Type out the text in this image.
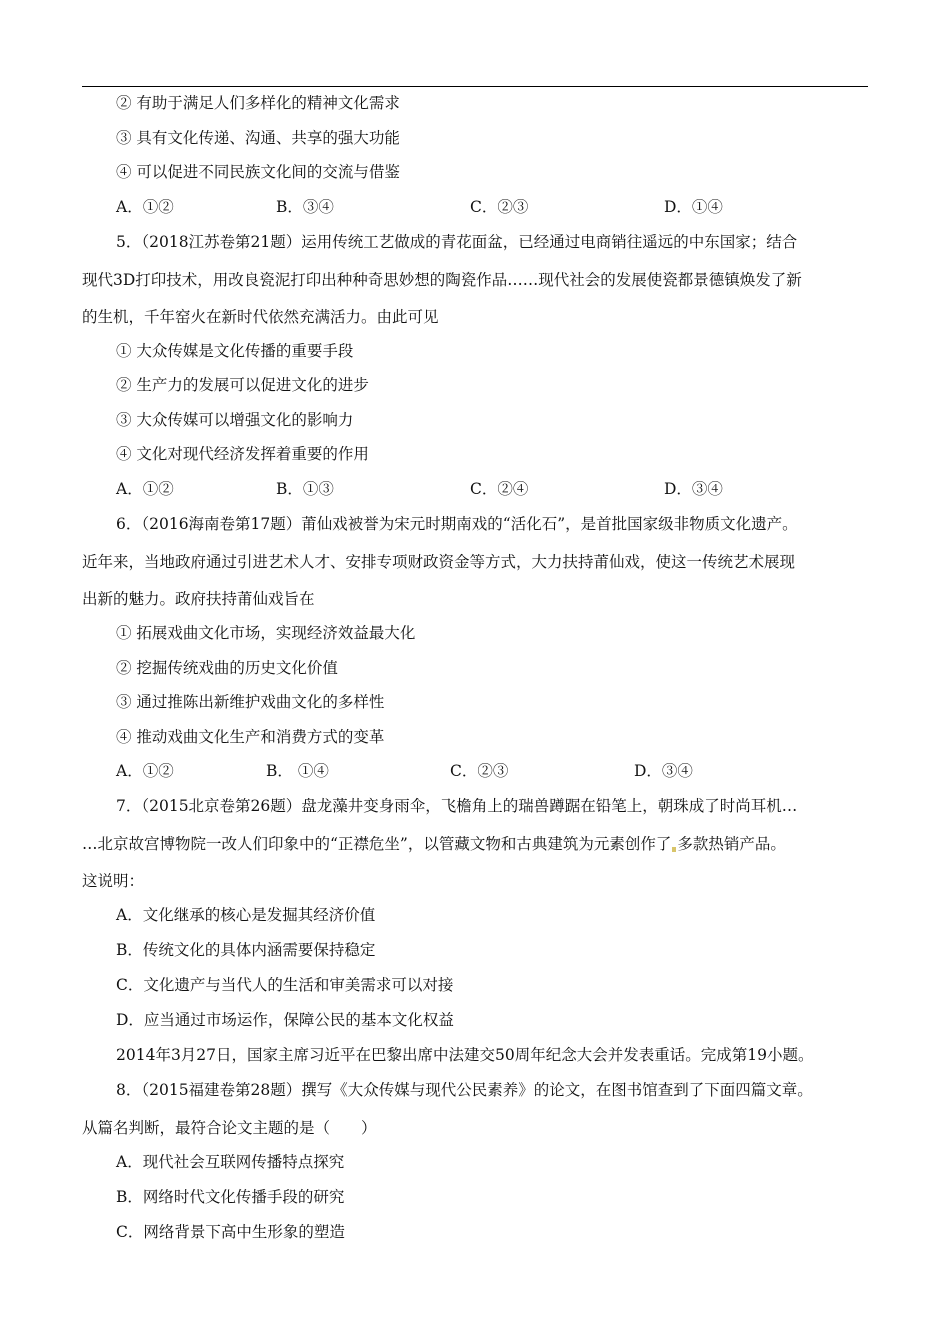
② 有助于满足人们多样化的精神文化需求
③ 具有文化传递、沟通、共享的强大功能
④ 可以促进不同民族文化间的交流与借鉴
A．①②	B．③④	C．②③	D．①④
5．（2018江苏卷第21题）运用传统工艺做成的青花面盆，已经通过电商销往遥远的中东国家；结合
现代3D打印技术，用改良瓷泥打印出种种奇思妙想的陶瓷作品……现代社会的发展使瓷都景德镇焕发了新
的生机，千年窑火在新时代依然充满活力。由此可见
① 大众传媒是文化传播的重要手段
② 生产力的发展可以促进文化的进步
③ 大众传媒可以增强文化的影响力
④ 文化对现代经济发挥着重要的作用
A．①②	B．①③	C．②④	D．③④
6．（2016海南卷第17题）莆仙戏被誉为宋元时期南戏的“活化石”，是首批国家级非物质文化遗产。
近年来，当地政府通过引进艺术人才、安排专项财政资金等方式，大力扶持莆仙戏，使这一传统艺术展现
出新的魅力。政府扶持莆仙戏旨在
① 拓展戏曲文化市场，实现经济效益最大化
② 挖掘传统戏曲的历史文化价值
③ 通过推陈出新维护戏曲文化的多样性
④ 推动戏曲文化生产和消费方式的变革
A．①②	B． ①④	C．②③	D．③④
7．（2015北京卷第26题）盘龙藻井变身雨伞，飞檐角上的瑞兽蹲踞在铅笔上，朝珠成了时尚耳机…
…北京故宫博物院一改人们印象中的“正襟危坐”，以管藏文物和古典建筑为元素创作了 多款热销产品。
这说明：
A．文化继承的核心是发掘其经济价值
B．传统文化的具体内涵需要保持稳定
C．文化遗产与当代人的生活和审美需求可以对接
D．应当通过市场运作，保障公民的基本文化权益
2014年3月27日，国家主席习近平在巴黎出席中法建交50周年纪念大会并发表重话。完成第19小题。
8．（2015福建卷第28题）撰写《大众传媒与现代公民素养》的论文，在图书馆查到了下面四篇文章。
从篇名判断，最符合论文主题的是（　　）
A．现代社会互联网传播特点探究
B．网络时代文化传播手段的研究
C．网络背景下高中生形象的塑造
